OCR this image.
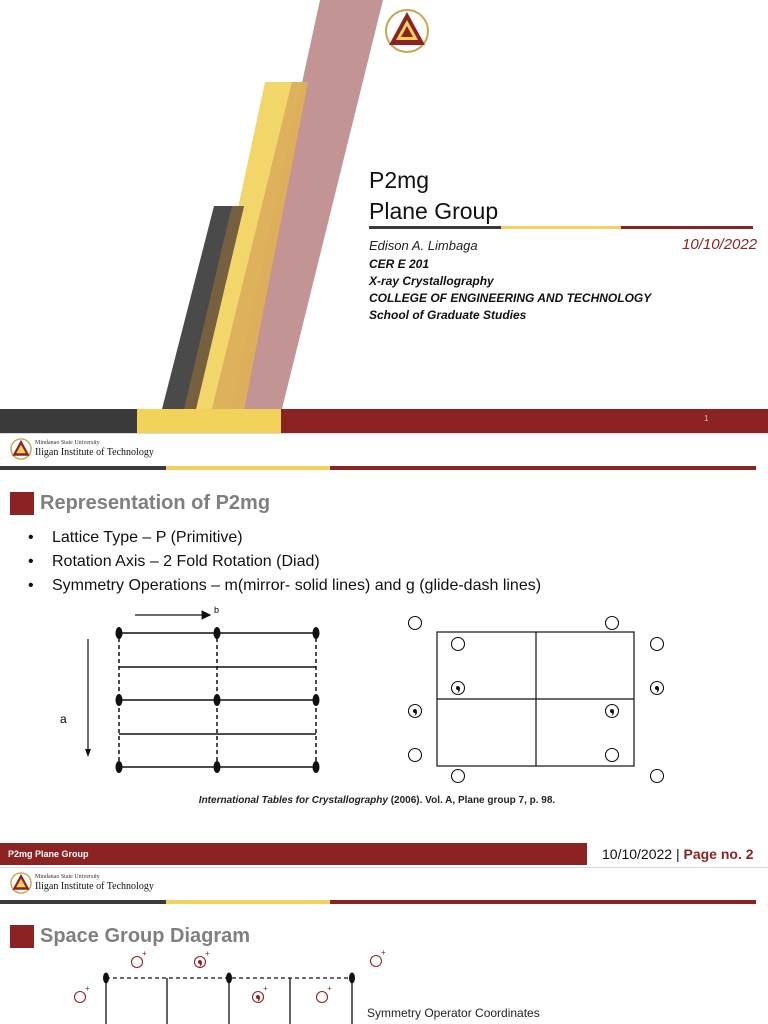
P2mg
Plane Group
Edison A. Limbaga	10/10/2022
CER E 201
X-ray Crystallography
COLLEGE OF ENGINEERING AND TECHNOLOGY
School of Graduate Studies
1
Mindanao State University
Iligan Institute of Technology
Representation of P2mg
•	Lattice Type – P (Primitive)
•	Rotation Axis – 2 Fold Rotation (Diad)
•	Symmetry Operations – m(mirror- solid lines) and g (glide-dash lines)
b
a
International Tables for Crystallography (2006). Vol. A, Plane group 7, p. 98.
P2mg Plane Group	10/10/2022 | Page no. 2
Mindanao State University
Iligan Institute of Technology
Space Group Diagram
+	+	+
+	+	+
Symmetry Operator Coordinates
